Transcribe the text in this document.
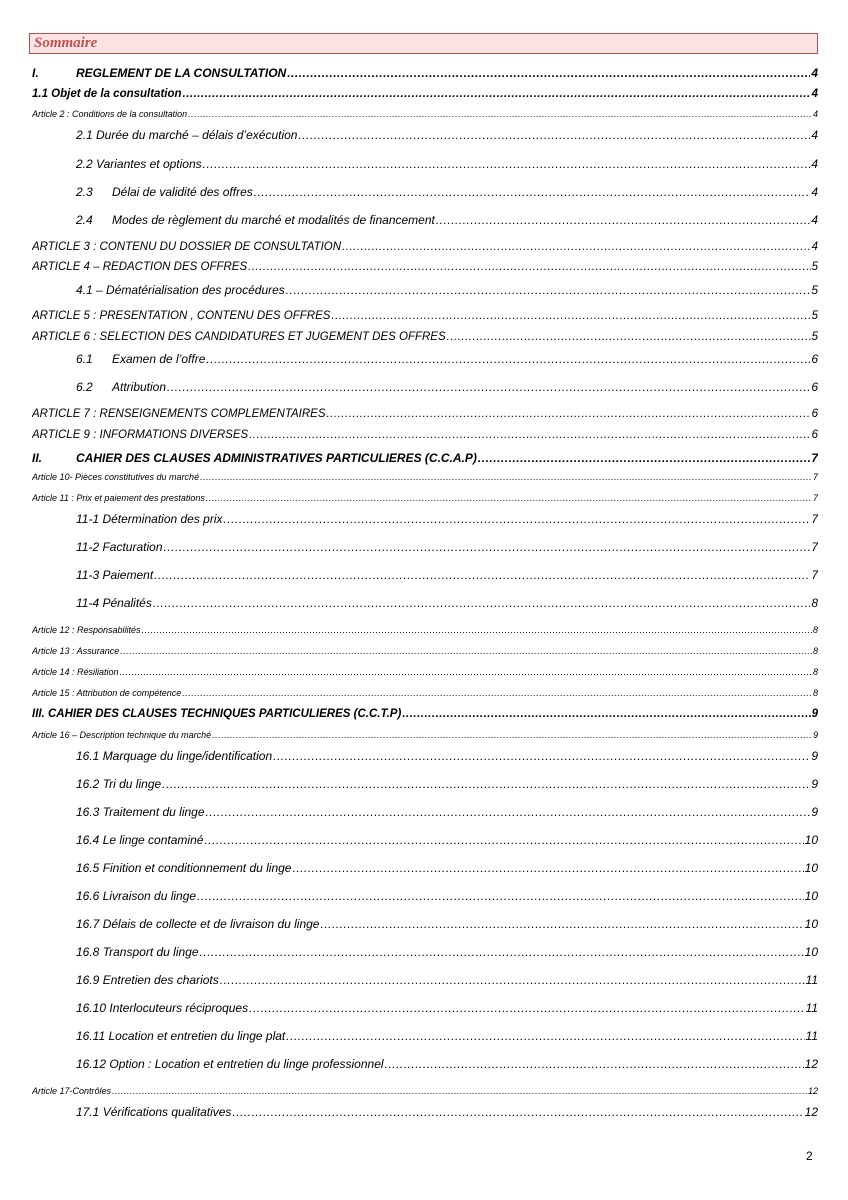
Sommaire
I.	REGLEMENT DE LA CONSULTATION .....	4
1.1 Objet de la consultation .....	4
Article 2 : Conditions de la consultation .....	4
2.1 Durée du marché – délais d’exécution .....	4
2.2 Variantes et options .....	4
2.3	Délai de validité des offres .....	4
2.4	Modes de règlement du marché et modalités de financement .....	4
ARTICLE 3 : CONTENU DU DOSSIER DE CONSULTATION .....	4
ARTICLE 4 – REDACTION DES OFFRES .....	5
4.1 – Dématérialisation des procédures .....	5
ARTICLE 5 : PRESENTATION , CONTENU DES OFFRES .....	5
ARTICLE 6 : SELECTION DES CANDIDATURES ET JUGEMENT DES OFFRES .....	5
6.1	Examen de l’offre .....	6
6.2	Attribution .....	6
ARTICLE 7 : RENSEIGNEMENTS COMPLEMENTAIRES .....	6
ARTICLE 9 : INFORMATIONS DIVERSES .....	6
II.	CAHIER DES CLAUSES ADMINISTRATIVES PARTICULIERES (C.C.A.P) .....	7
Article 10- Pièces constitutives du marché .....	7
Article 11 : Prix et paiement des prestations .....	7
11-1 Détermination des prix .....	7
11-2 Facturation .....	7
11-3 Paiement .....	7
11-4 Pénalités .....	8
Article 12 : Responsabilités .....	8
Article 13 : Assurance .....	8
Article 14 : Résiliation .....	8
Article 15 : Attribution de compétence .....	8
III. CAHIER DES CLAUSES TECHNIQUES PARTICULIERES (C.C.T.P) .....	9
Article 16 – Description technique du marché .....	9
16.1 Marquage du linge/identification .....	9
16.2 Tri du linge .....	9
16.3 Traitement du linge .....	9
16.4 Le linge contaminé .....	10
16.5 Finition et conditionnement du linge .....	10
16.6 Livraison du linge .....	10
16.7 Délais de collecte et de livraison du linge .....	10
16.8 Transport du linge .....	10
16.9 Entretien des chariots .....	11
16.10 Interlocuteurs réciproques .....	11
16.11 Location et entretien du linge plat .....	11
16.12 Option : Location et entretien du linge professionnel .....	12
Article 17-Contrôles .....	12
17.1 Vérifications qualitatives .....	12
2
